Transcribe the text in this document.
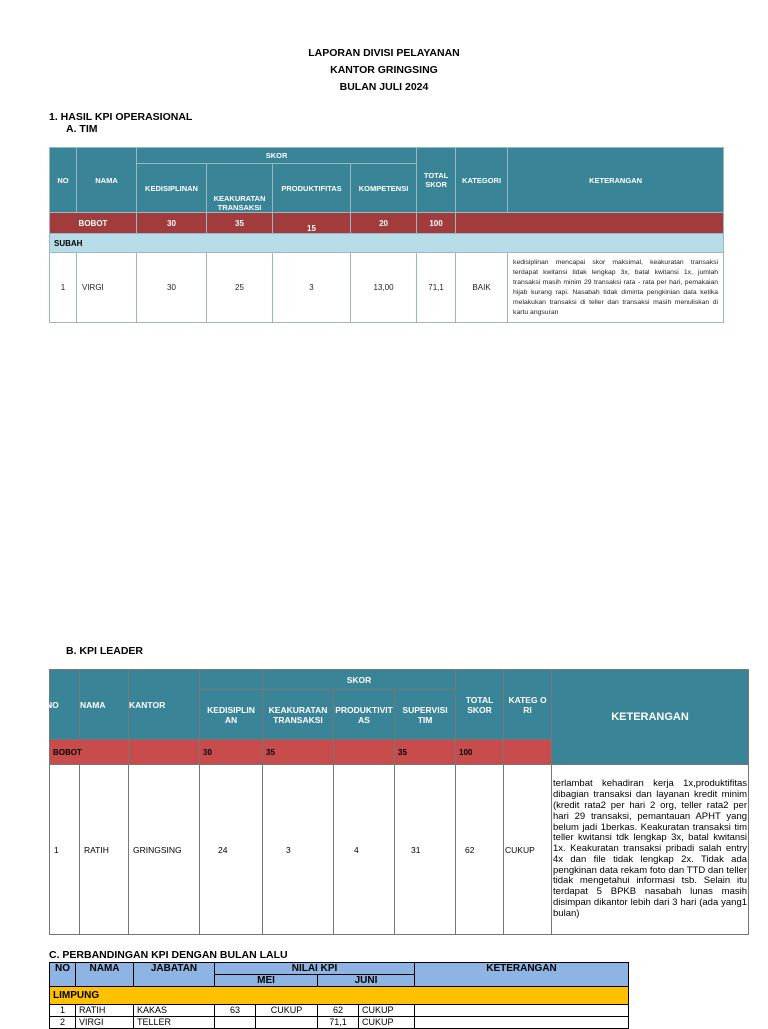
LAPORAN DIVISI PELAYANAN
KANTOR GRINGSING
BULAN JULI 2024
1. HASIL KPI OPERASIONAL
A. TIM
NO	NAMA	SKOR				TOTAL SKOR	KATEGORI	KETERANGAN
		KEDISIPLINAN	KEAKURATAN TRANSAKSI	PRODUKTIFITAS	KOMPETENSI			
BOBOT		30	35	15	20	100		
SUBAH								
1	VIRGI	30	25	3	13,00	71,1	BAIK	kedisiplinan mencapai skor maksimal, keakuratan transaksi terdapat kwitansi tidak lengkap 3x, batal kwitansi 1x, jumlah transaksi masih minim 29 transaksi rata - rata per hari, pemakaian hijab kurang rapi. Nasabah tidak diminta pengkinian data ketika melakukan transaksi di teller dan transaksi masih menuliskan di kartu angsuran
B. KPI LEADER
NO	NAMA	KANTOR		SKOR			TOTAL SKOR	KATEG O RI	KETERANGAN
			KEDISIPLIN AN	KEAKURATAN TRANSAKSI	PRODUKTIVIT AS	SUPERVISI TIM			
BOBOT			30	35		35	100		
1	RATIH	GRINGSING	24	3	4	31	62	CUKUP	terlambat kehadiran kerja 1x,produktifitas dibagian transaksi dan layanan kredit minim (kredit rata2 per hari 2 org, teller rata2 per hari 29 transaksi, pemantauan APHT yang belum jadi 1berkas. Keakuratan transaksi tim teller kwitansi tdk lengkap 3x, batal kwitansi 1x. Keakuratan transaksi pribadi salah entry 4x dan file tidak lengkap 2x. Tidak ada pengkinan data rekam foto dan TTD dan teller tidak mengetahui informasi tsb. Selain itu terdapat 5 BPKB nasabah lunas masih disimpan dikantor lebih dari 3 hari (ada yang1 bulan)
C. PERBANDINGAN KPI DENGAN BULAN LALU
NO	NAMA	JABATAN	NILAI KPI				KETERANGAN
			MEI		JUNI		
LIMPUNG							
1	RATIH	KAKAS	63	CUKUP	62	CUKUP	
2	VIRGI	TELLER			71,1	CUKUP	
